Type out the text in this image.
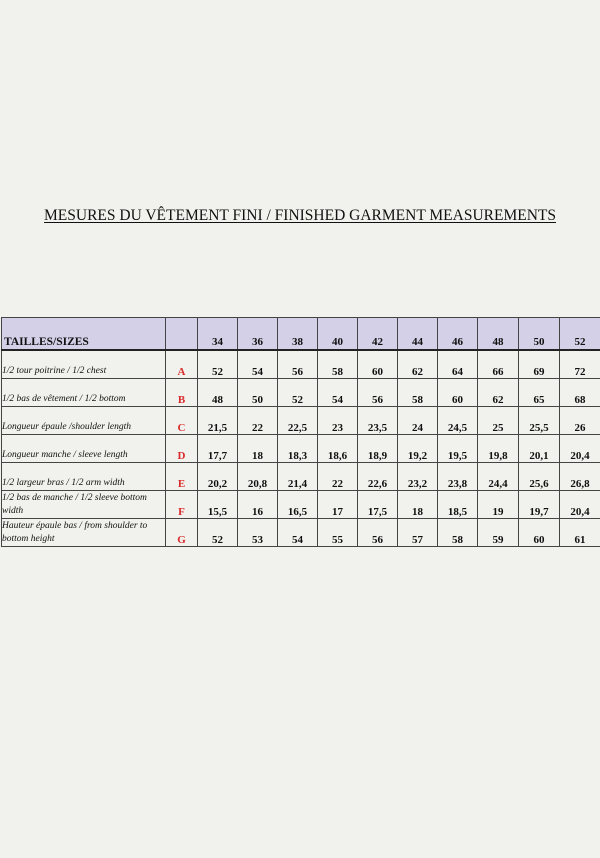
MESURES DU VÊTEMENT FINI / FINISHED GARMENT MEASUREMENTS
TAILLES/SIZES		34	36	38	40	42	44	46	48	50	52
1/2 tour poitrine / 1/2 chest	A	52	54	56	58	60	62	64	66	69	72
1/2 bas de vêtement / 1/2 bottom	B	48	50	52	54	56	58	60	62	65	68
Longueur épaule /shoulder length	C	21,5	22	22,5	23	23,5	24	24,5	25	25,5	26
Longueur manche / sleeve length	D	17,7	18	18,3	18,6	18,9	19,2	19,5	19,8	20,1	20,4
1/2 largeur bras / 1/2 arm width	E	20,2	20,8	21,4	22	22,6	23,2	23,8	24,4	25,6	26,8
1/2 bas de manche / 1/2 sleeve bottom width	F	15,5	16	16,5	17	17,5	18	18,5	19	19,7	20,4
Hauteur épaule bas / from shoulder to bottom height	G	52	53	54	55	56	57	58	59	60	61
